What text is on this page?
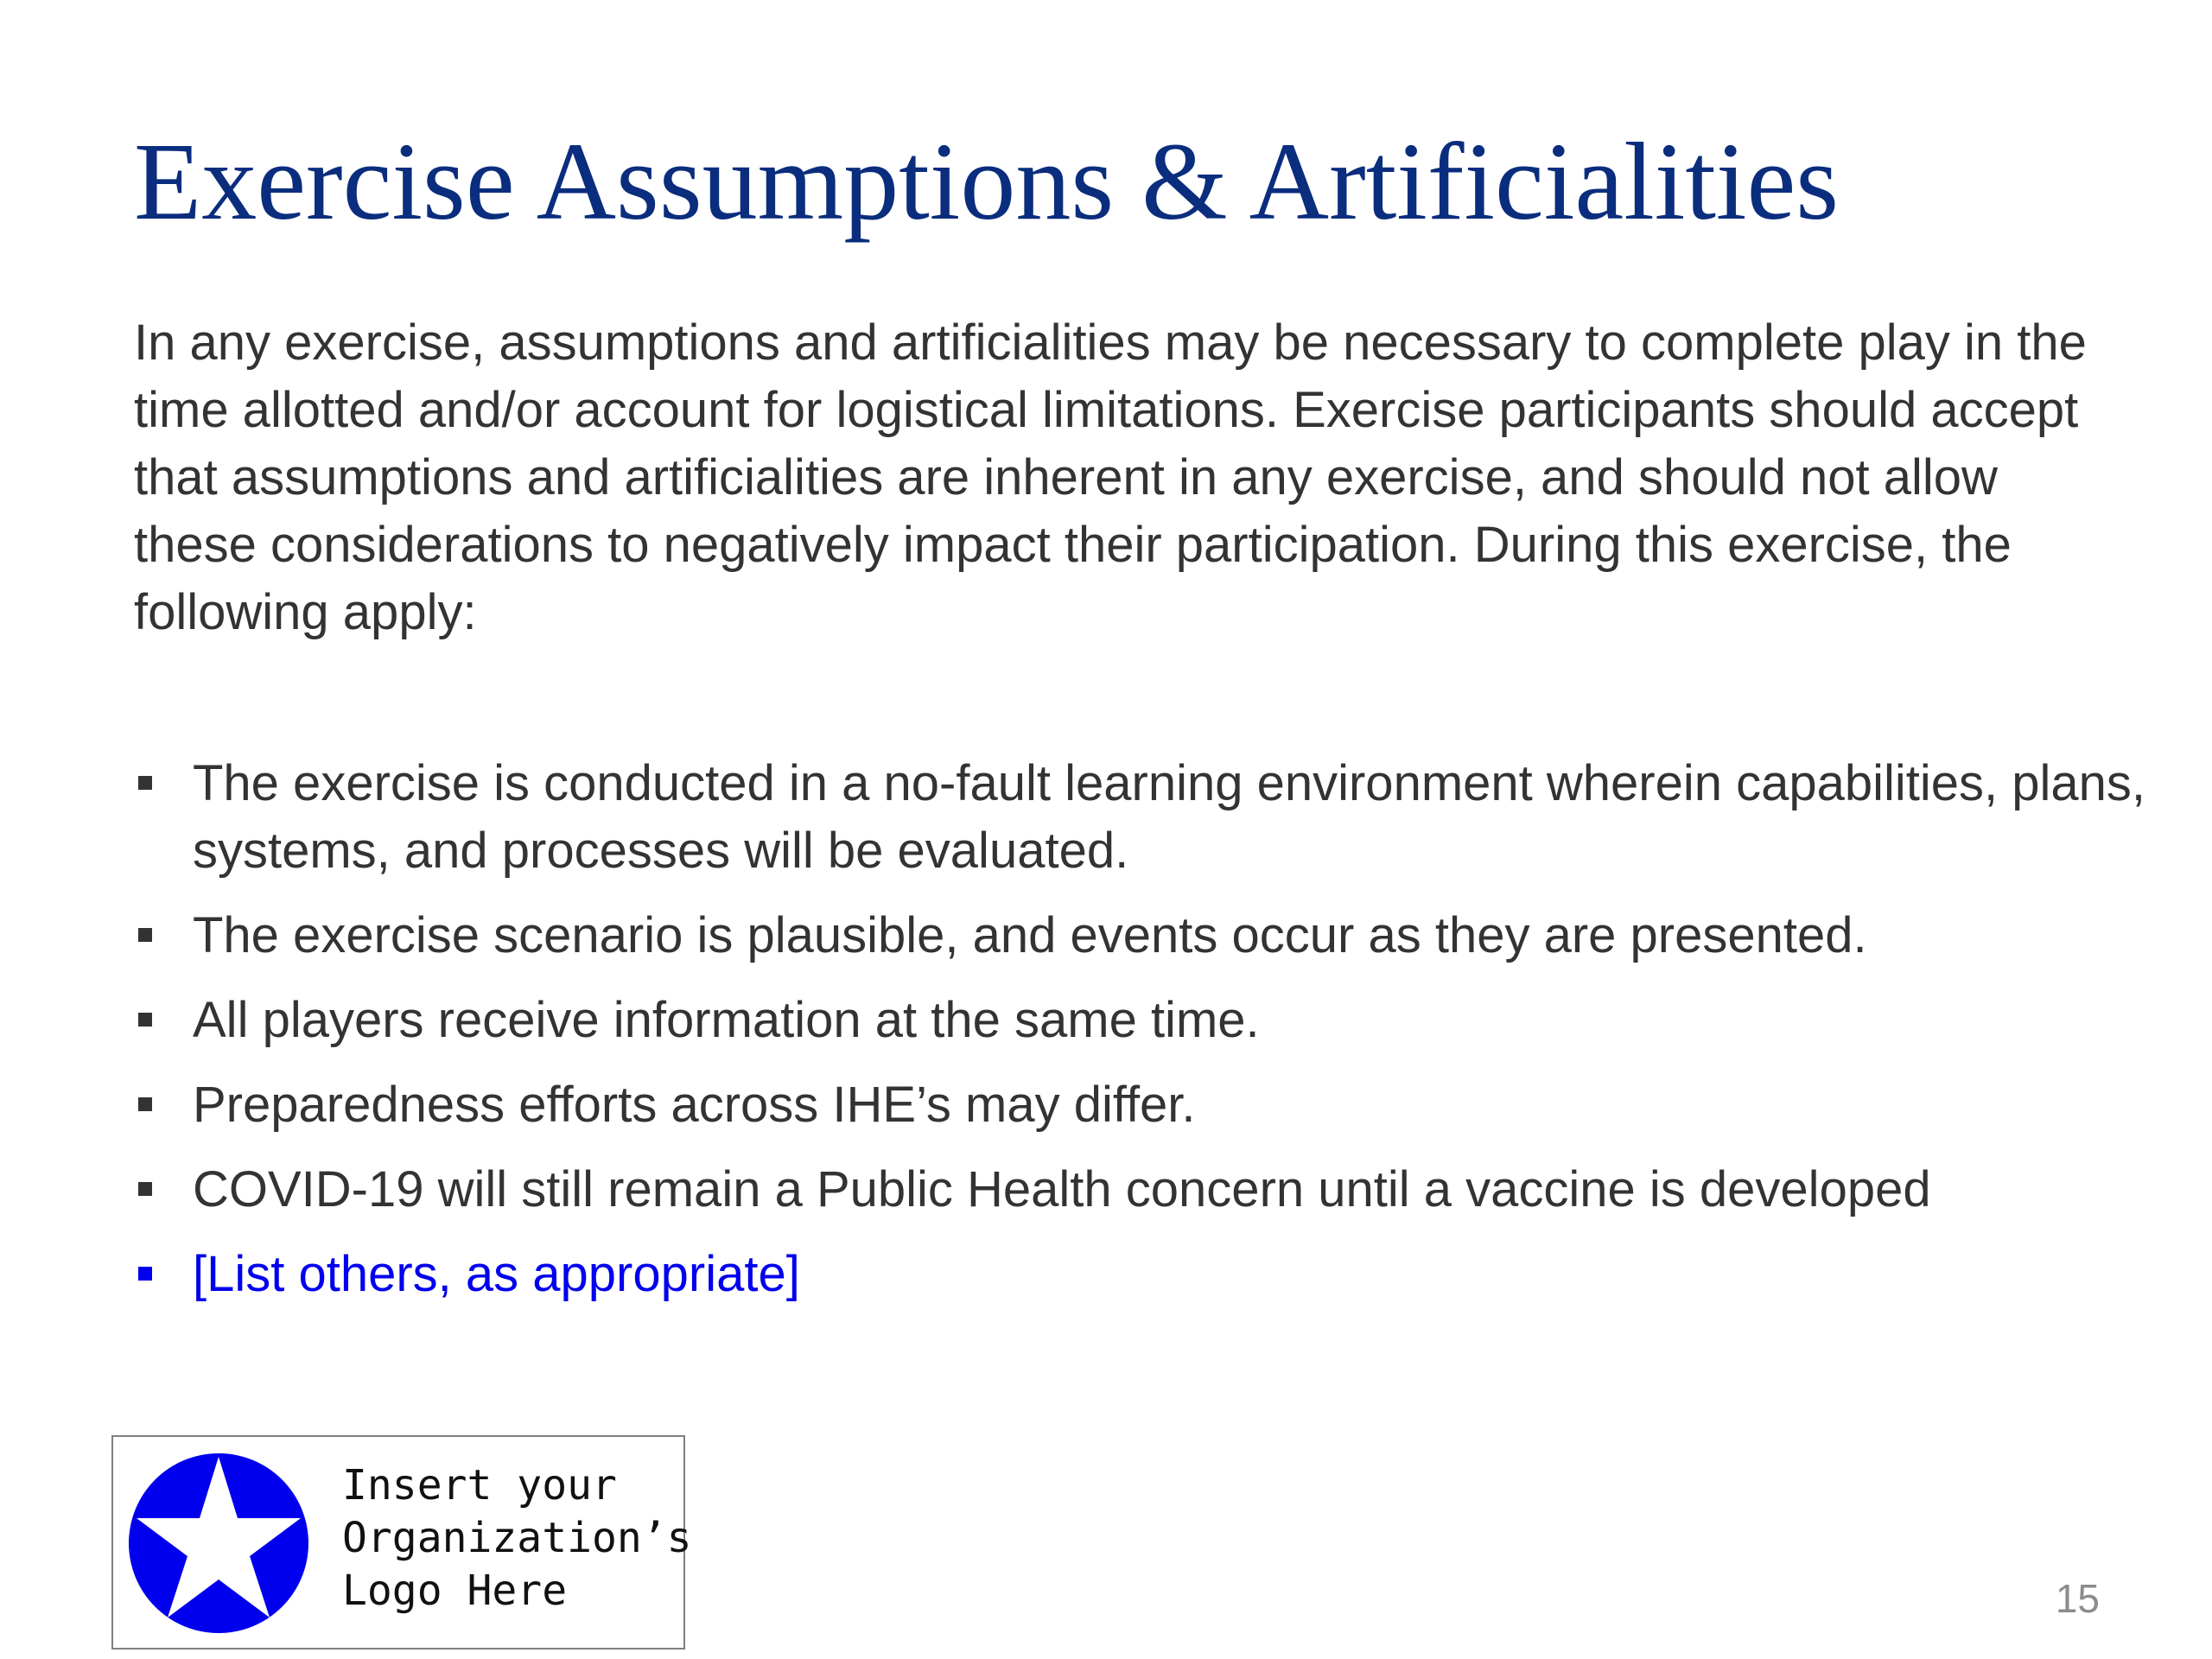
Exercise Assumptions & Artificialities

In any exercise, assumptions and artificialities may be necessary to complete play in the time allotted and/or account for logistical limitations. Exercise participants should accept that assumptions and artificialities are inherent in any exercise, and should not allow these considerations to negatively impact their participation. During this exercise, the following apply:

The exercise is conducted in a no-fault learning environment wherein capabilities, plans, systems, and processes will be evaluated.
The exercise scenario is plausible, and events occur as they are presented.
All players receive information at the same time.
Preparedness efforts across IHE’s may differ.
COVID-19 will still remain a Public Health concern until a vaccine is developed
[List others, as appropriate]

Insert your
Organization’s
Logo Here	15
